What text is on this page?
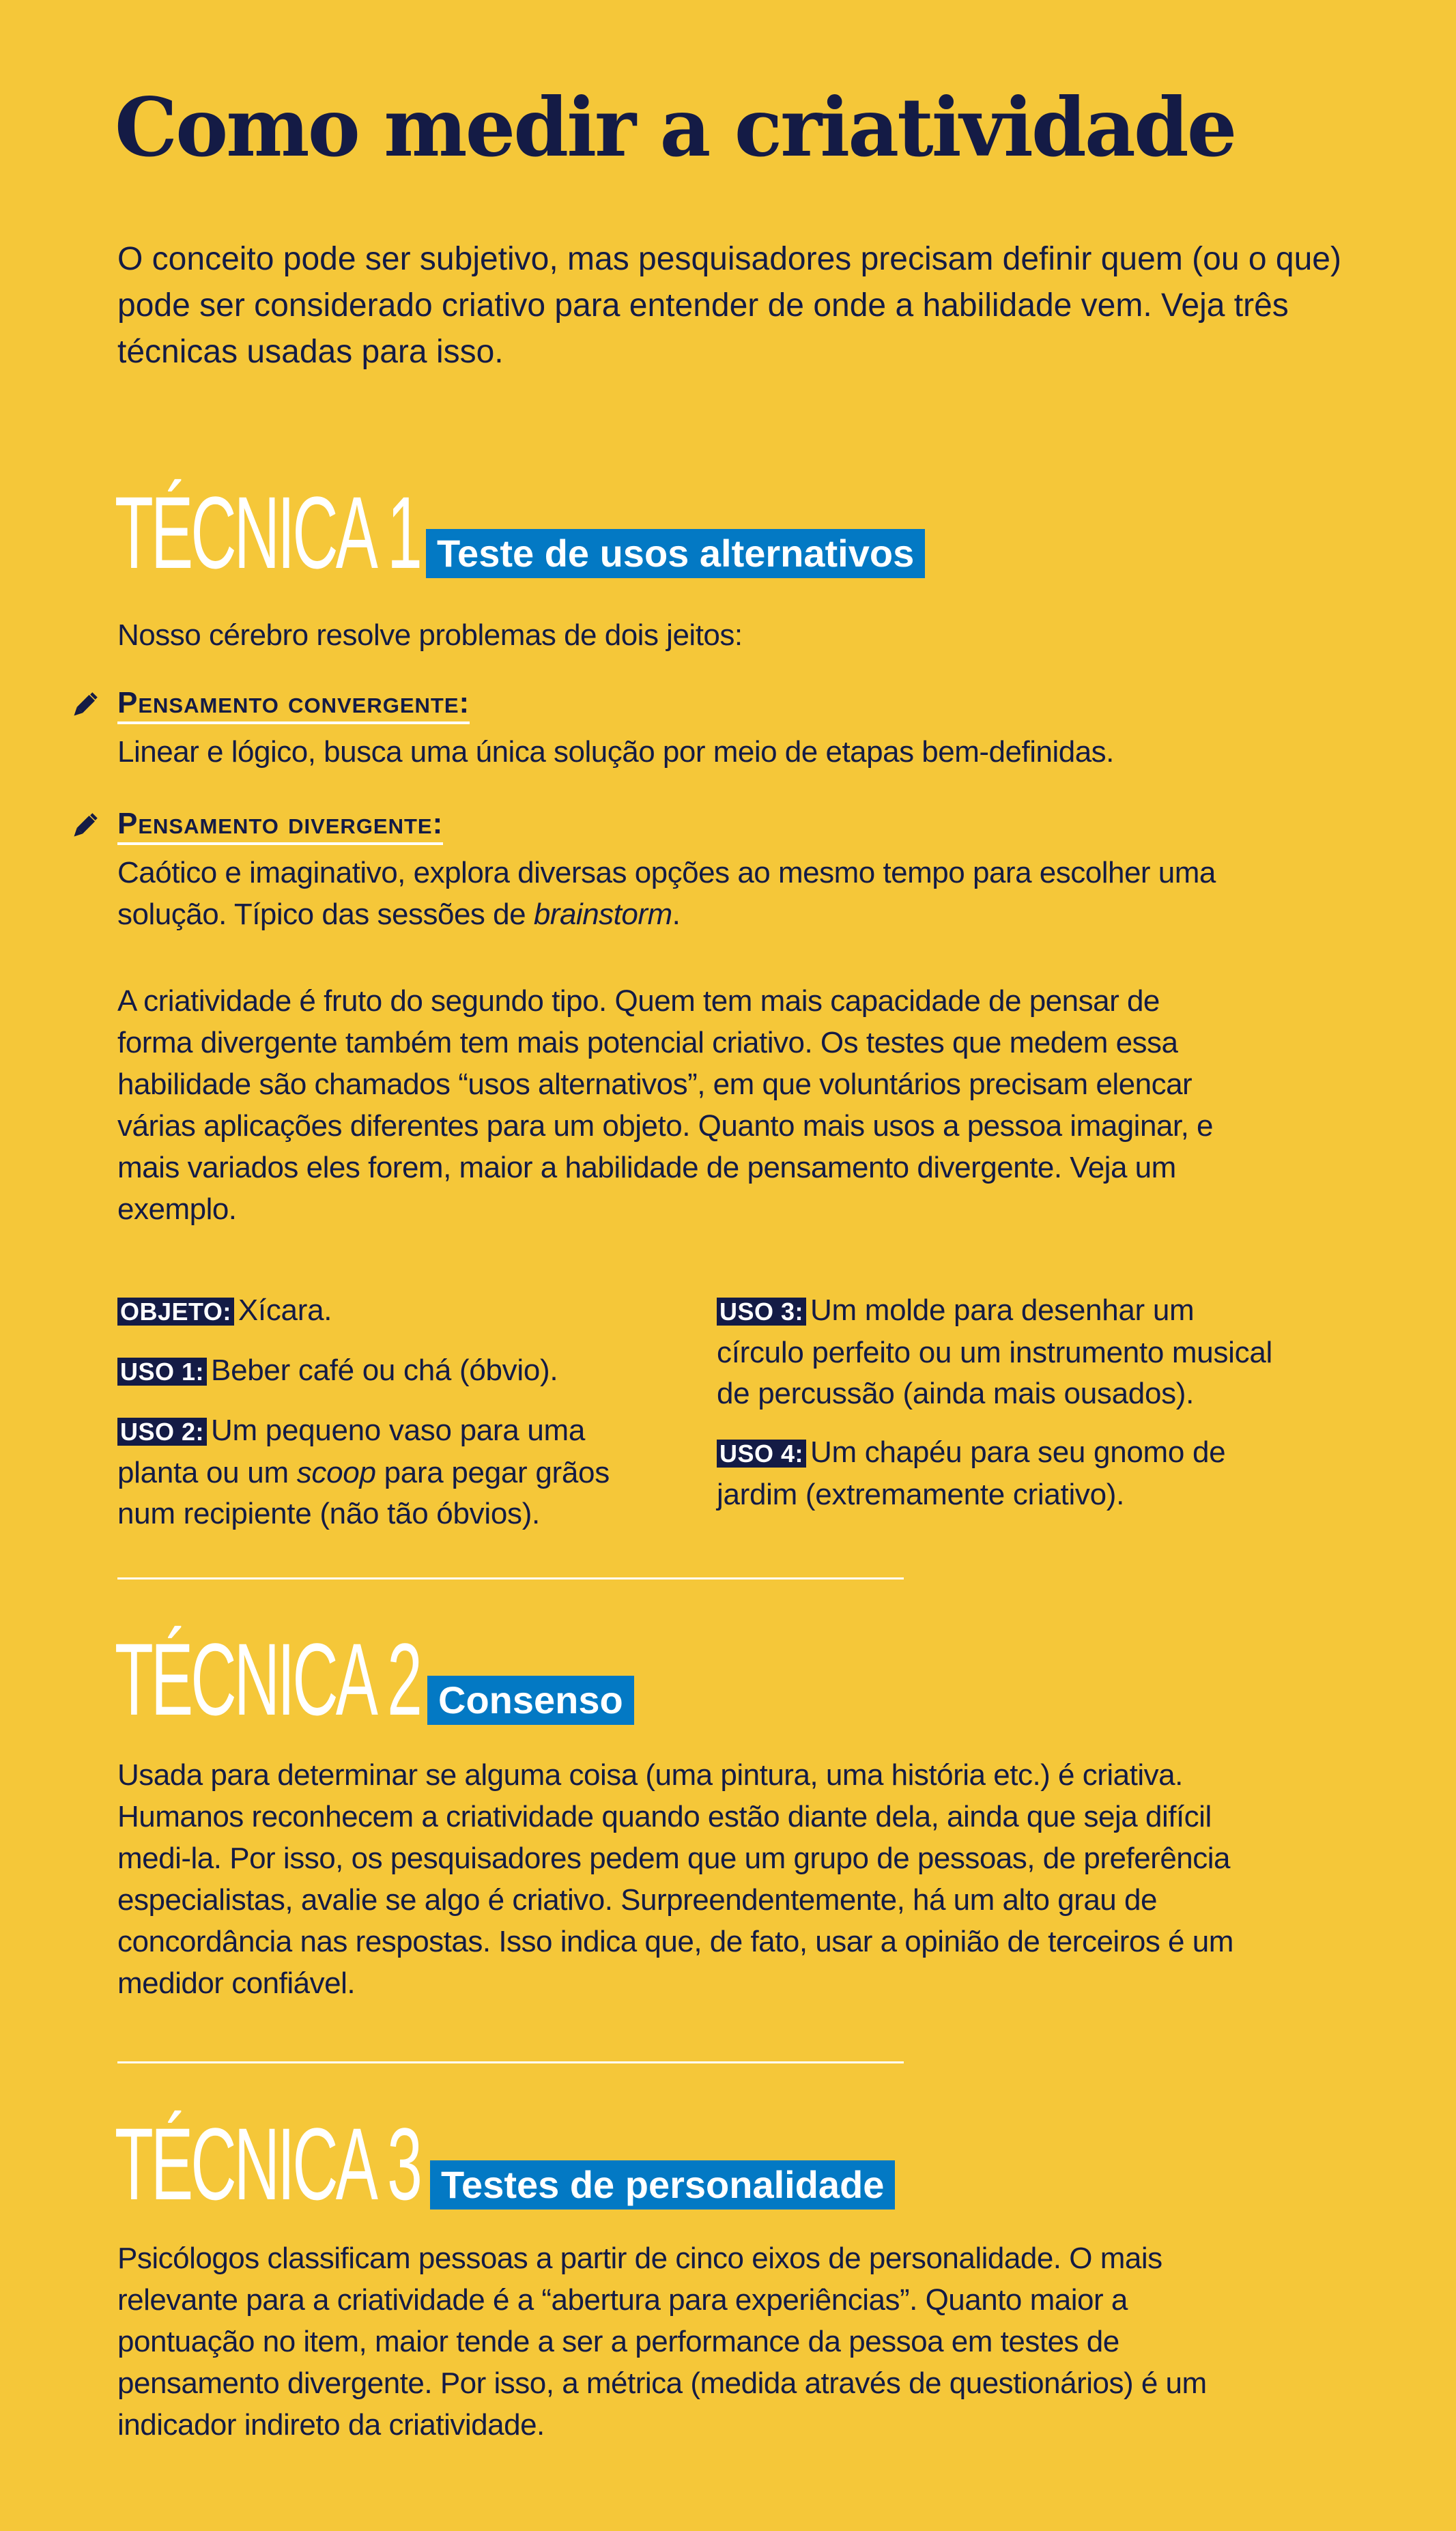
Como medir a criatividade

O conceito pode ser subjetivo, mas pesquisadores precisam definir quem (ou o que) pode ser considerado criativo para entender de onde a habilidade vem. Veja três técnicas usadas para isso.

TÉCNICA 1 Teste de usos alternativos

Nosso cérebro resolve problemas de dois jeitos:

Pensamento convergente:
Linear e lógico, busca uma única solução por meio de etapas bem-definidas.
Pensamento divergente:
Caótico e imaginativo, explora diversas opções ao mesmo tempo para escolher uma solução. Típico das sessões de brainstorm.

A criatividade é fruto do segundo tipo. Quem tem mais capacidade de pensar de forma divergente também tem mais potencial criativo. Os testes que medem essa habilidade são chamados “usos alternativos”, em que voluntários precisam elencar várias aplicações diferentes para um objeto. Quanto mais usos a pessoa imaginar, e mais variados eles forem, maior a habilidade de pensamento divergente. Veja um exemplo.

OBJETO: Xícara.
USO 1: Beber café ou chá (óbvio).
USO 2: Um pequeno vaso para uma planta ou um scoop para pegar grãos num recipiente (não tão óbvios).
USO 3: Um molde para desenhar um círculo perfeito ou um instrumento musical de percussão (ainda mais ousados).
USO 4: Um chapéu para seu gnomo de jardim (extremamente criativo).
TÉCNICA 2 Consenso

Usada para determinar se alguma coisa (uma pintura, uma história etc.) é criativa. Humanos reconhecem a criatividade quando estão diante dela, ainda que seja difícil medi-la. Por isso, os pesquisadores pedem que um grupo de pessoas, de preferência especialistas, avalie se algo é criativo. Surpreendentemente, há um alto grau de concordância nas respostas. Isso indica que, de fato, usar a opinião de terceiros é um medidor confiável.

TÉCNICA 3 Testes de personalidade

Psicólogos classificam pessoas a partir de cinco eixos de personalidade. O mais relevante para a criatividade é a “abertura para experiências”. Quanto maior a pontuação no item, maior tende a ser a performance da pessoa em testes de pensamento divergente. Por isso, a métrica (medida através de questionários) é um indicador indireto da criatividade.
